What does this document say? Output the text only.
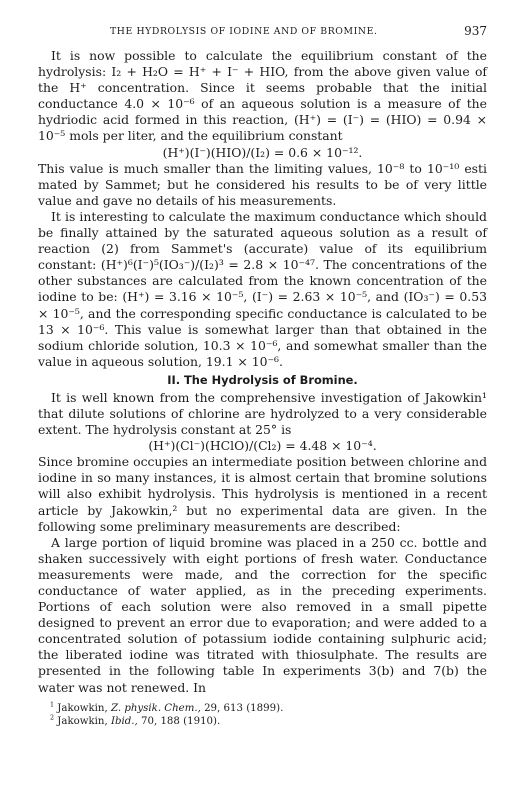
THE HYDROLYSIS OF IODINE AND OF BROMINE.	937

It is now possible to calculate the equilibrium constant of the hydrolysis: I₂ + H₂O = H⁺ + I⁻ + HIO, from the above given value of the H⁺ concentration. Since it seems probable that the initial conductance 4.0 × 10⁻⁶ of an aqueous solution is a measure of the hydriodic acid formed in this reaction, (H⁺) = (I⁻) = (HIO) = 0.94 × 10⁻⁵ mols per liter, and the equilibrium constant

(H⁺)(I⁻)(HIO)/(I₂) = 0.6 × 10⁻¹².

This value is much smaller than the limiting values, 10⁻⁸ to 10⁻¹⁰ esti mated by Sammet; but he considered his results to be of very little value and gave no details of his measurements.

It is interesting to calculate the maximum conductance which should be finally attained by the saturated aqueous solution as a result of reaction (2) from Sammet's (accurate) value of its equilibrium constant: (H⁺)⁶(I⁻)⁵(IO₃⁻)/(I₂)³ = 2.8 × 10⁻⁴⁷. The concentrations of the other substances are calculated from the known concentration of the iodine to be: (H⁺) = 3.16 × 10⁻⁵, (I⁻) = 2.63 × 10⁻⁵, and (IO₃⁻) = 0.53 × 10⁻⁵, and the corresponding specific conductance is calculated to be 13 × 10⁻⁶. This value is somewhat larger than that obtained in the sodium chloride solution, 10.3 × 10⁻⁶, and somewhat smaller than the value in aqueous solution, 19.1 × 10⁻⁶.

II. The Hydrolysis of Bromine.

It is well known from the comprehensive investigation of Jakowkin¹ that dilute solutions of chlorine are hydrolyzed to a very considerable extent. The hydrolysis constant at 25° is

(H⁺)(Cl⁻)(HClO)/(Cl₂) = 4.48 × 10⁻⁴.

Since bromine occupies an intermediate position between chlorine and iodine in so many instances, it is almost certain that bromine solutions will also exhibit hydrolysis. This hydrolysis is mentioned in a recent article by Jakowkin,² but no experimental data are given. In the following some preliminary measurements are described:

A large portion of liquid bromine was placed in a 250 cc. bottle and shaken successively with eight portions of fresh water. Conductance measurements were made, and the correction for the specific conductance of water applied, as in the preceding experiments. Portions of each solution were also removed in a small pipette designed to prevent an error due to evaporation; and were added to a concentrated solution of potassium iodide containing sulphuric acid; the liberated iodine was titrated with thiosulphate. The results are presented in the following table In experiments 3(b) and 7(b) the water was not renewed. In

$^1$ Jakowkin, Z. physik. Chem., 29, 613 (1899).
$^2$ Jakowkin, Ibid., 70, 188 (1910).
